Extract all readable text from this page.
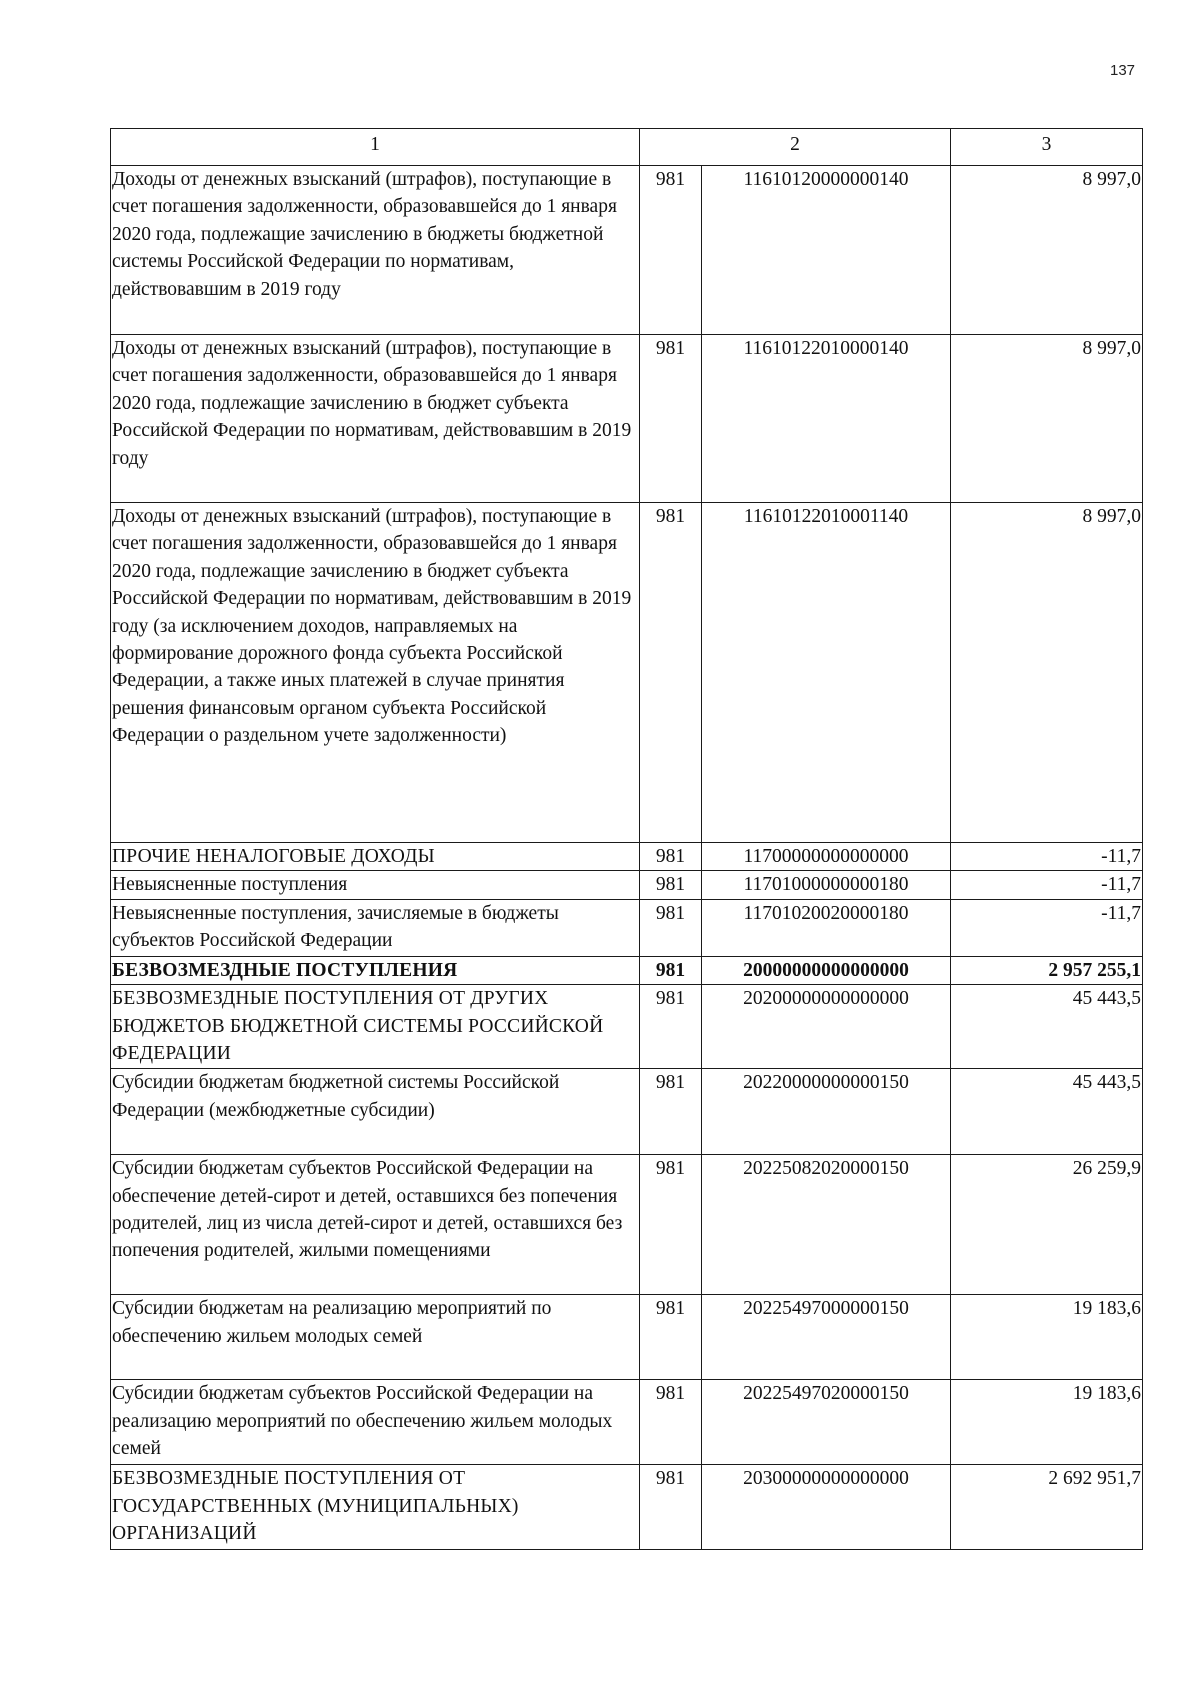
137
1	2		3
Доходы от денежных взысканий (штрафов), поступающие в счет погашения задолженности, образовавшейся до 1 января 2020 года, подлежащие зачислению в бюджеты бюджетной системы Российской Федерации по нормативам, действовавшим в 2019 году	981	11610120000000140	8 997,0
Доходы от денежных взысканий (штрафов), поступающие в счет погашения задолженности, образовавшейся до 1 января 2020 года, подлежащие зачислению в бюджет субъекта Российской Федерации по нормативам, действовавшим в 2019 году	981	11610122010000140	8 997,0
Доходы от денежных взысканий (штрафов), поступающие в счет погашения задолженности, образовавшейся до 1 января 2020 года, подлежащие зачислению в бюджет субъекта Российской Федерации по нормативам, действовавшим в 2019 году (за исключением доходов, направляемых на формирование дорожного фонда субъекта Российской Федерации, а также иных платежей в случае принятия решения финансовым органом субъекта Российской Федерации о раздельном учете задолженности)	981	11610122010001140	8 997,0
ПРОЧИЕ НЕНАЛОГОВЫЕ ДОХОДЫ	981	11700000000000000	-11,7
Невыясненные поступления	981	11701000000000180	-11,7
Невыясненные поступления, зачисляемые в бюджеты субъектов Российской Федерации	981	11701020020000180	-11,7
БЕЗВОЗМЕЗДНЫЕ ПОСТУПЛЕНИЯ	981	20000000000000000	2 957 255,1
БЕЗВОЗМЕЗДНЫЕ ПОСТУПЛЕНИЯ ОТ ДРУГИХ БЮДЖЕТОВ БЮДЖЕТНОЙ СИСТЕМЫ РОССИЙСКОЙ ФЕДЕРАЦИИ	981	20200000000000000	45 443,5
Субсидии бюджетам бюджетной системы Российской Федерации (межбюджетные субсидии)	981	20220000000000150	45 443,5
Субсидии бюджетам субъектов Российской Федерации на обеспечение детей-сирот и детей, оставшихся без попечения родителей, лиц из числа детей-сирот и детей, оставшихся без попечения родителей, жилыми помещениями	981	20225082020000150	26 259,9
Субсидии бюджетам на реализацию мероприятий по обеспечению жильем молодых семей	981	20225497000000150	19 183,6
Субсидии бюджетам субъектов Российской Федерации на реализацию мероприятий по обеспечению жильем молодых семей	981	20225497020000150	19 183,6
БЕЗВОЗМЕЗДНЫЕ ПОСТУПЛЕНИЯ ОТ ГОСУДАРСТВЕННЫХ (МУНИЦИПАЛЬНЫХ) ОРГАНИЗАЦИЙ	981	20300000000000000	2 692 951,7
